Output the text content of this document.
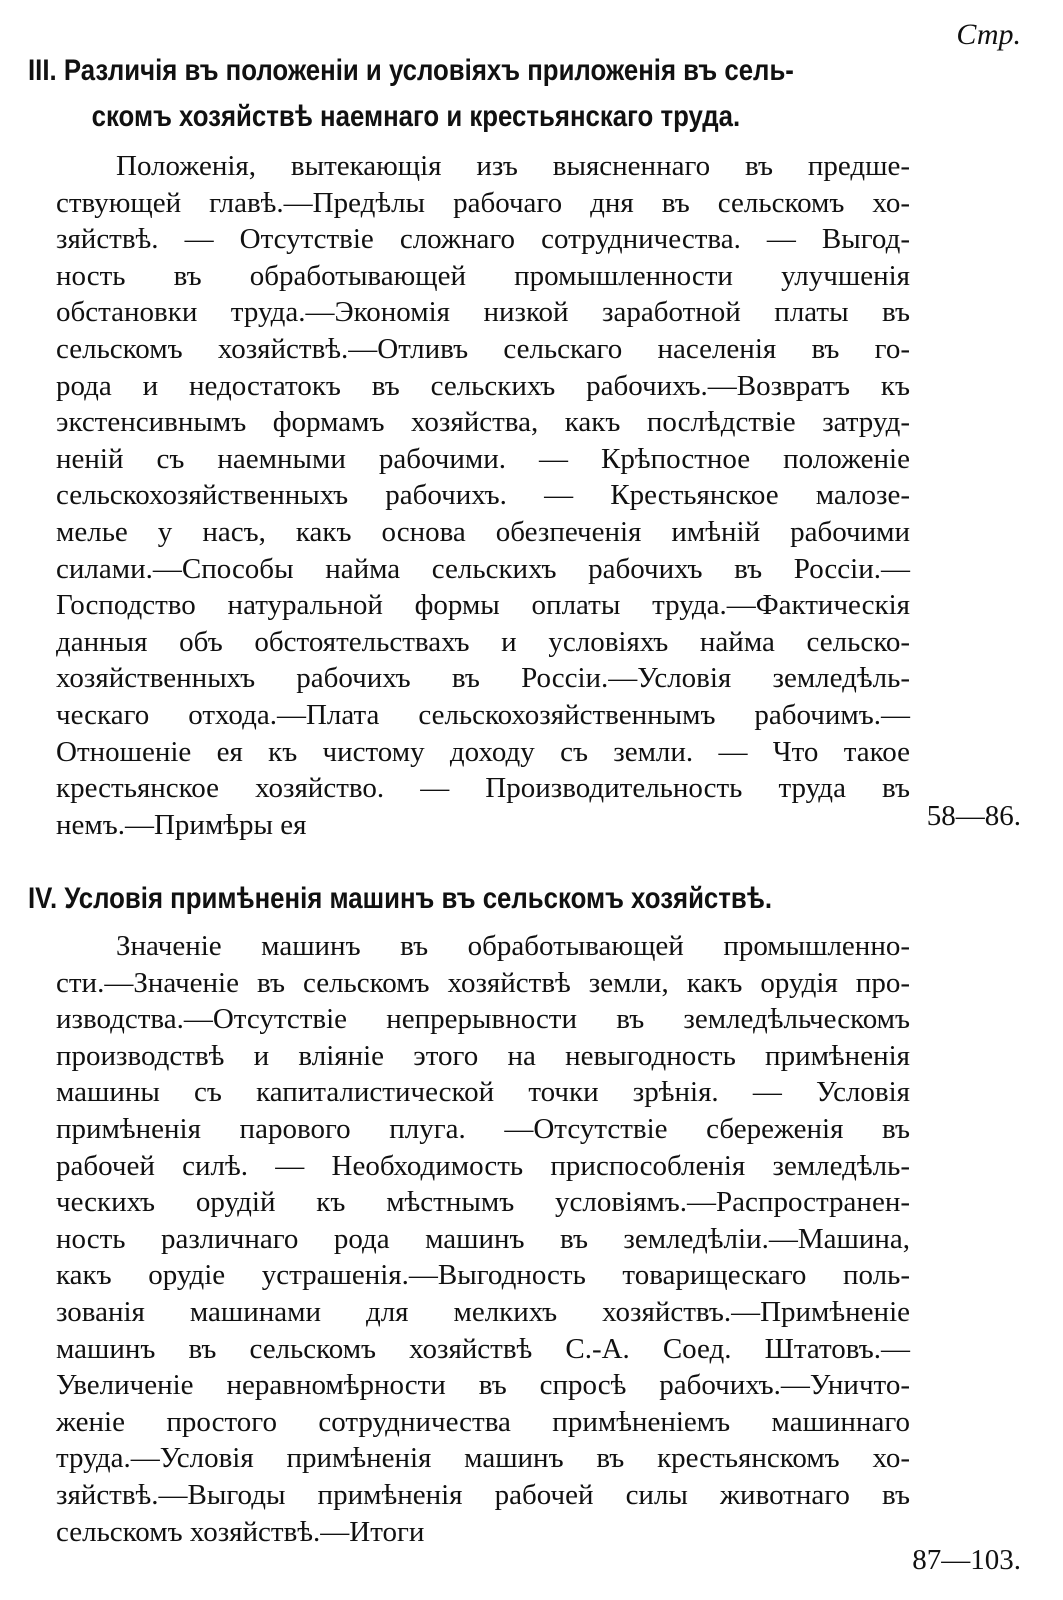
Стр.
III. Различія въ положеніи и условіяхъ приложенія въ сель-
скомъ хозяйствѣ наемнаго и крестьянскаго труда.
Положенія, вытекающія изъ выясненнаго въ предше-
ствующей главѣ.—Предѣлы рабочаго дня въ сельскомъ хо-
зяйствѣ. — Отсутствіе сложнаго сотрудничества. — Выгод-
ность въ обработывающей промышленности улучшенія
обстановки труда.—Экономія низкой заработной платы въ
сельскомъ хозяйствѣ.—Отливъ сельскаго населенія въ го-
рода и недостатокъ въ сельскихъ рабочихъ.—Возвратъ къ
экстенсивнымъ формамъ хозяйства, какъ послѣдствіе затруд-
неній съ наемными рабочими. — Крѣпостное положеніе
сельскохозяйственныхъ рабочихъ. — Крестьянское малозе-
мелье у насъ, какъ основа обезпеченія имѣній рабочими
силами.—Способы найма сельскихъ рабочихъ въ Россіи.—
Господство натуральной формы оплаты труда.—Фактическія
данныя объ обстоятельствахъ и условіяхъ найма сельско-
хозяйственныхъ рабочихъ въ Россіи.—Условія земледѣль-
ческаго отхода.—Плата сельскохозяйственнымъ рабочимъ.—
Отношеніе ея къ чистому доходу съ земли. — Что такое
крестьянское хозяйство. — Производительность труда въ
немъ.—Примѣры ея	58—86.
IV. Условія примѣненія машинъ въ сельскомъ хозяйствѣ.
Значеніе машинъ въ обработывающей промышленно-
сти.—Значеніе въ сельскомъ хозяйствѣ земли, какъ орудія про-
изводства.—Отсутствіе непрерывности въ земледѣльческомъ
производствѣ и вліяніе этого на невыгодность примѣненія
машины съ капиталистической точки зрѣнія. — Условія
примѣненія парового плуга. —Отсутствіе сбереженія въ
рабочей силѣ. — Необходимость приспособленія земледѣль-
ческихъ орудій къ мѣстнымъ условіямъ.—Распространен-
ность различнаго рода машинъ въ земледѣліи.—Машина,
какъ орудіе устрашенія.—Выгодность товарищескаго поль-
зованія машинами для мелкихъ хозяйствъ.—Примѣненіе
машинъ въ сельскомъ хозяйствѣ С.-А. Соед. Штатовъ.—
Увеличеніе неравномѣрности въ спросѣ рабочихъ.—Уничто-
женіе простого сотрудничества примѣненіемъ машиннаго
труда.—Условія примѣненія машинъ въ крестьянскомъ хо-
зяйствѣ.—Выгоды примѣненія рабочей силы животнаго въ
сельскомъ хозяйствѣ.—Итоги
87—103.
